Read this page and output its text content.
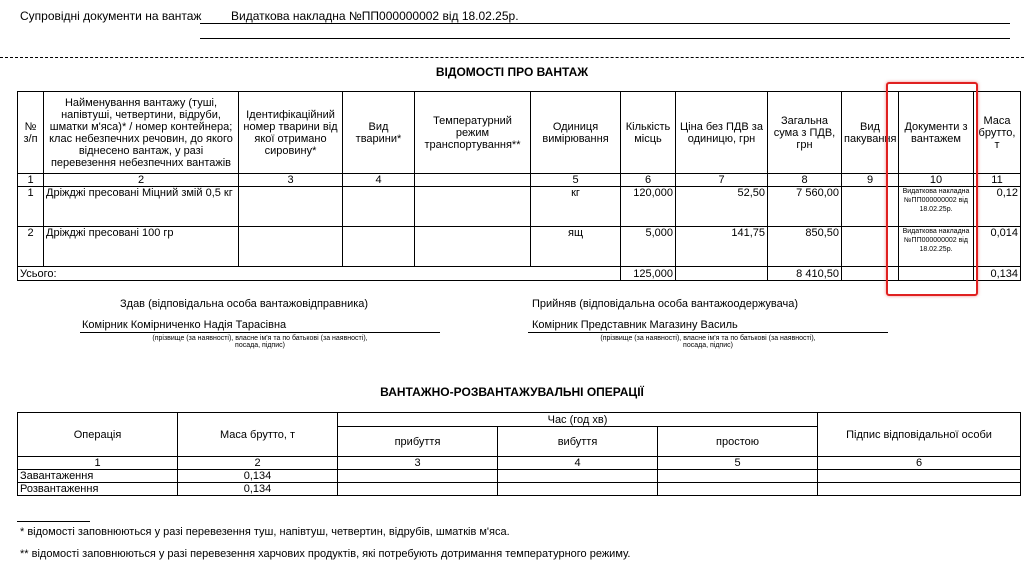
Супровідні документи на вантаж Видаткова накладна №ПП000000002 від 18.02.25р.
ВІДОМОСТІ ПРО ВАНТАЖ
№ з/п	Найменування вантажу (туші, напівтуші, четвертини, відруби, шматки м'яса)* / номер контейнера; клас небезпечних речовин, до якого віднесено вантаж, у разі перевезення небезпечних вантажів	Ідентифікаційний номер тварини від якої отримано сировину*	Вид тварини*	Температурний режим транспортування**	Одиниця вимірювання	Кількість місць	Ціна без ПДВ за одиницю, грн	Загальна сума з ПДВ, грн	Вид пакування	Документи з вантажем	Маса брутто, т
1	2	3	4		5	6	7	8	9	10	11
1	Дріжджі пресовані Міцний змій 0,5 кг				кг	120,000	52,50	7 560,00		Видаткова накладна №ПП000000002 від 18.02.25р.	0,12
2	Дріжджі пресовані 100 гр				ящ	5,000	141,75	850,50		Видаткова накладна №ПП000000002 від 18.02.25р.	0,014
Усього:						125,000		8 410,50			0,134
Здав (відповідальна особа вантажовідправника)
Комірник Комірниченко Надія Тарасівна
(прізвище (за наявності), власне ім'я та по батькові (за наявності),
посада, підпис)
Прийняв (відповідальна особа вантажоодержувача)
Комірник Представник Магазину Василь
(прізвище (за наявності), власне ім'я та по батькові (за наявності),
посада, підпис)
ВАНТАЖНО-РОЗВАНТАЖУВАЛЬНІ ОПЕРАЦІЇ
Операція	Маса брутто, т	Час (год хв)			Підпис відповідальної особи
		прибуття	вибуття	простою	
1	2	3	4	5	6
Завантаження	0,134				
Розвантаження	0,134				
* відомості заповнюються у разі перевезення туш, напівтуш, четвертин, відрубів, шматків м'яса.
** відомості заповнюються у разі перевезення харчових продуктів, які потребують дотримання температурного режиму.
